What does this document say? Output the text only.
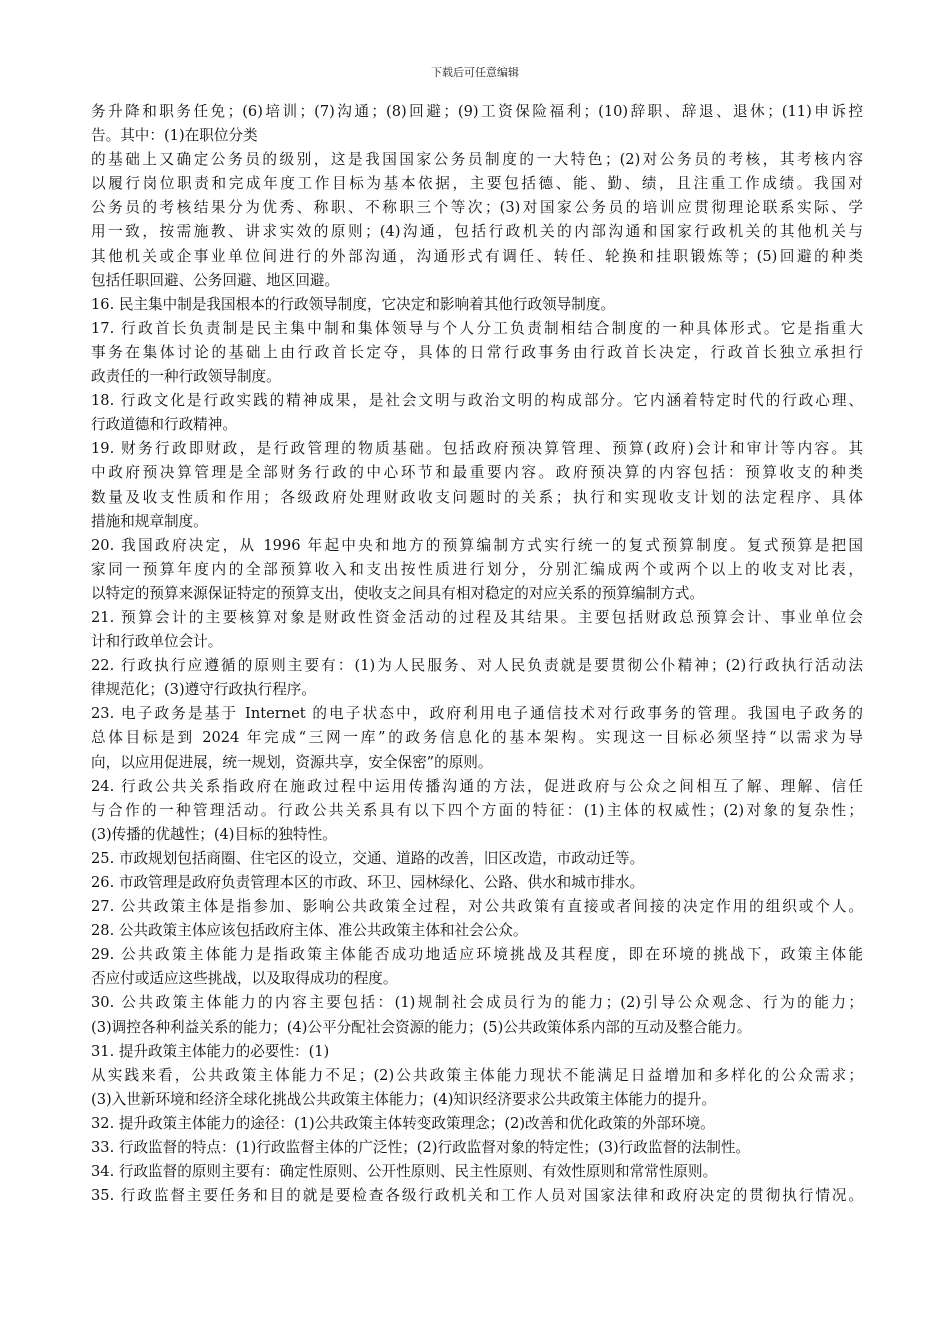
下载后可任意编辑
务升降和职务任免；(6)培训；(7)沟通；(8)回避；(9)工资保险福利；(10)辞职、辞退、退休；(11)申诉控
告。其中：(1)在职位分类
的基础上又确定公务员的级别，这是我国国家公务员制度的一大特色；(2)对公务员的考核，其考核内容
以履行岗位职责和完成年度工作目标为基本依据，主要包括德、能、勤、绩，且注重工作成绩。我国对
公务员的考核结果分为优秀、称职、不称职三个等次；(3)对国家公务员的培训应贯彻理论联系实际、学
用一致，按需施教、讲求实效的原则；(4)沟通，包括行政机关的内部沟通和国家行政机关的其他机关与
其他机关或企事业单位间进行的外部沟通，沟通形式有调任、转任、轮换和挂职锻炼等；(5)回避的种类
包括任职回避、公务回避、地区回避。
16. 民主集中制是我国根本的行政领导制度，它决定和影响着其他行政领导制度。
17. 行政首长负责制是民主集中制和集体领导与个人分工负责制相结合制度的一种具体形式。它是指重大
事务在集体讨论的基础上由行政首长定夺，具体的日常行政事务由行政首长决定，行政首长独立承担行
政责任的一种行政领导制度。
18. 行政文化是行政实践的精神成果，是社会文明与政治文明的构成部分。它内涵着特定时代的行政心理、
行政道德和行政精神。
19. 财务行政即财政，是行政管理的物质基础。包括政府预决算管理、预算(政府)会计和审计等内容。其
中政府预决算管理是全部财务行政的中心环节和最重要内容。政府预决算的内容包括：预算收支的种类
数量及收支性质和作用；各级政府处理财政收支问题时的关系；执行和实现收支计划的法定程序、具体
措施和规章制度。
20. 我国政府决定，从 1996 年起中央和地方的预算编制方式实行统一的复式预算制度。复式预算是把国
家同一预算年度内的全部预算收入和支出按性质进行划分，分别汇编成两个或两个以上的收支对比表，
以特定的预算来源保证特定的预算支出，使收支之间具有相对稳定的对应关系的预算编制方式。
21. 预算会计的主要核算对象是财政性资金活动的过程及其结果。主要包括财政总预算会计、事业单位会
计和行政单位会计。
22. 行政执行应遵循的原则主要有：(1)为人民服务、对人民负责就是要贯彻公仆精神；(2)行政执行活动法
律规范化；(3)遵守行政执行程序。
23. 电子政务是基于 Internet 的电子状态中，政府利用电子通信技术对行政事务的管理。我国电子政务的
总体目标是到 2024 年完成“三网一库”的政务信息化的基本架构。实现这一目标必须坚持“以需求为导
向，以应用促进展，统一规划，资源共享，安全保密”的原则。
24. 行政公共关系指政府在施政过程中运用传播沟通的方法，促进政府与公众之间相互了解、理解、信任
与合作的一种管理活动。行政公共关系具有以下四个方面的特征：(1)主体的权威性；(2)对象的复杂性；
(3)传播的优越性；(4)目标的独特性。
25. 市政规划包括商圈、住宅区的设立，交通、道路的改善，旧区改造，市政动迁等。
26. 市政管理是政府负责管理本区的市政、环卫、园林绿化、公路、供水和城市排水。
27. 公共政策主体是指参加、影响公共政策全过程，对公共政策有直接或者间接的决定作用的组织或个人。
28. 公共政策主体应该包括政府主体、准公共政策主体和社会公众。
29. 公共政策主体能力是指政策主体能否成功地适应环境挑战及其程度，即在环境的挑战下，政策主体能
否应付或适应这些挑战，以及取得成功的程度。
30. 公共政策主体能力的内容主要包括：(1)规制社会成员行为的能力；(2)引导公众观念、行为的能力；
(3)调控各种利益关系的能力；(4)公平分配社会资源的能力；(5)公共政策体系内部的互动及整合能力。
31. 提升政策主体能力的必要性：(1)
从实践来看，公共政策主体能力不足；(2)公共政策主体能力现状不能满足日益增加和多样化的公众需求；
(3)入世新环境和经济全球化挑战公共政策主体能力；(4)知识经济要求公共政策主体能力的提升。
32. 提升政策主体能力的途径：(1)公共政策主体转变政策理念；(2)改善和优化政策的外部环境。
33. 行政监督的特点：(1)行政监督主体的广泛性；(2)行政监督对象的特定性；(3)行政监督的法制性。
34. 行政监督的原则主要有：确定性原则、公开性原则、民主性原则、有效性原则和常常性原则。
35. 行政监督主要任务和目的就是要检查各级行政机关和工作人员对国家法律和政府决定的贯彻执行情况。
